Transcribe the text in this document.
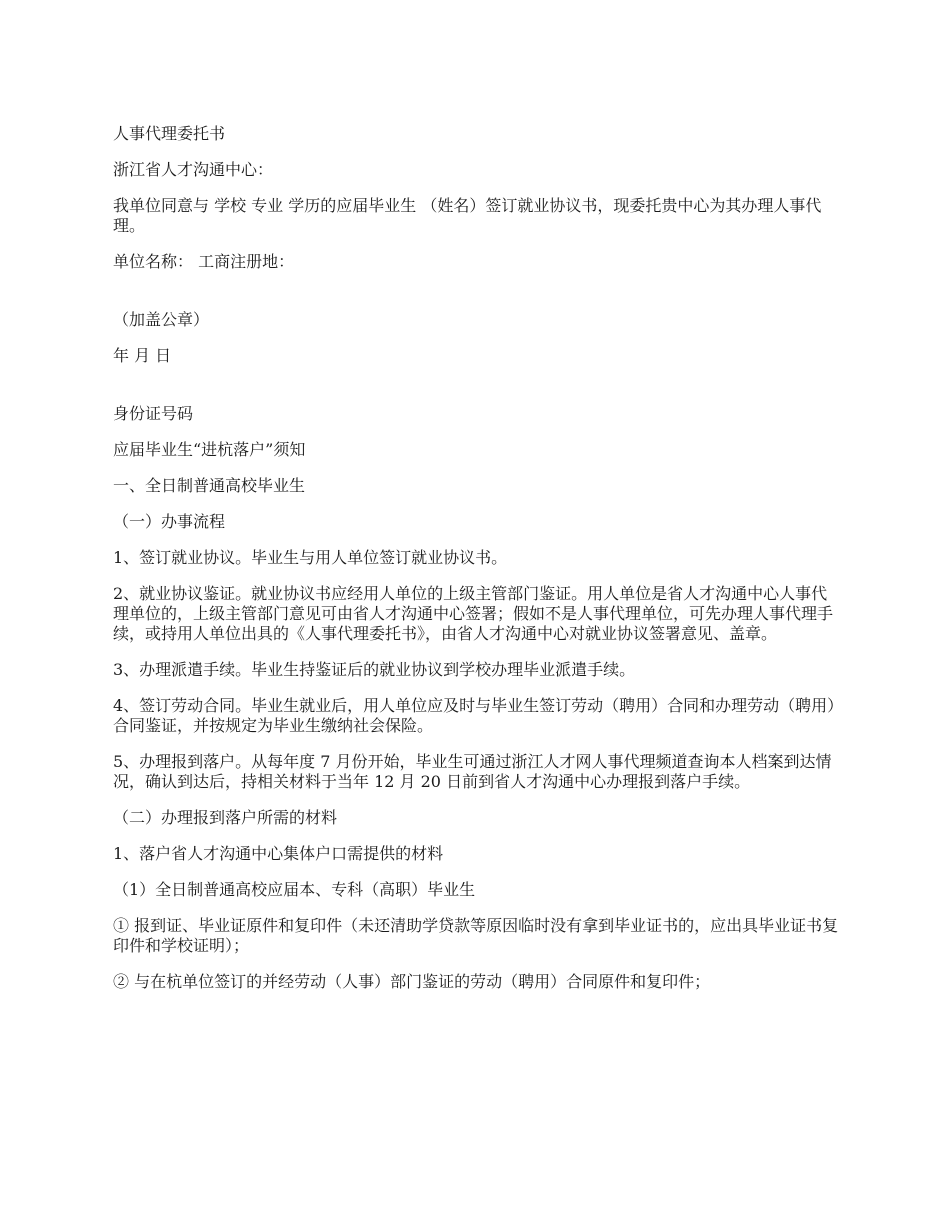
人事代理委托书

浙江省人才沟通中心：

我单位同意与 学校 专业 学历的应届毕业生 （姓名）签订就业协议书，现委托贵中心为其办理人事代理。

单位名称： 工商注册地：

（加盖公章）

年 月 日

身份证号码

应届毕业生“进杭落户”须知

一、全日制普通高校毕业生

（一）办事流程

1、签订就业协议。毕业生与用人单位签订就业协议书。

2、就业协议鉴证。就业协议书应经用人单位的上级主管部门鉴证。用人单位是省人才沟通中心人事代理单位的，上级主管部门意见可由省人才沟通中心签署；假如不是人事代理单位，可先办理人事代理手续，或持用人单位出具的《人事代理委托书》，由省人才沟通中心对就业协议签署意见、盖章。

3、办理派遣手续。毕业生持鉴证后的就业协议到学校办理毕业派遣手续。

4、签订劳动合同。毕业生就业后，用人单位应及时与毕业生签订劳动（聘用）合同和办理劳动（聘用）合同鉴证，并按规定为毕业生缴纳社会保险。

5、办理报到落户。从每年度 7 月份开始，毕业生可通过浙江人才网人事代理频道查询本人档案到达情况，确认到达后，持相关材料于当年 12 月 20 日前到省人才沟通中心办理报到落户手续。

（二）办理报到落户所需的材料

1、落户省人才沟通中心集体户口需提供的材料

（1）全日制普通高校应届本、专科（高职）毕业生

① 报到证、毕业证原件和复印件（未还清助学贷款等原因临时没有拿到毕业证书的，应出具毕业证书复印件和学校证明）；

② 与在杭单位签订的并经劳动（人事）部门鉴证的劳动（聘用）合同原件和复印件；
